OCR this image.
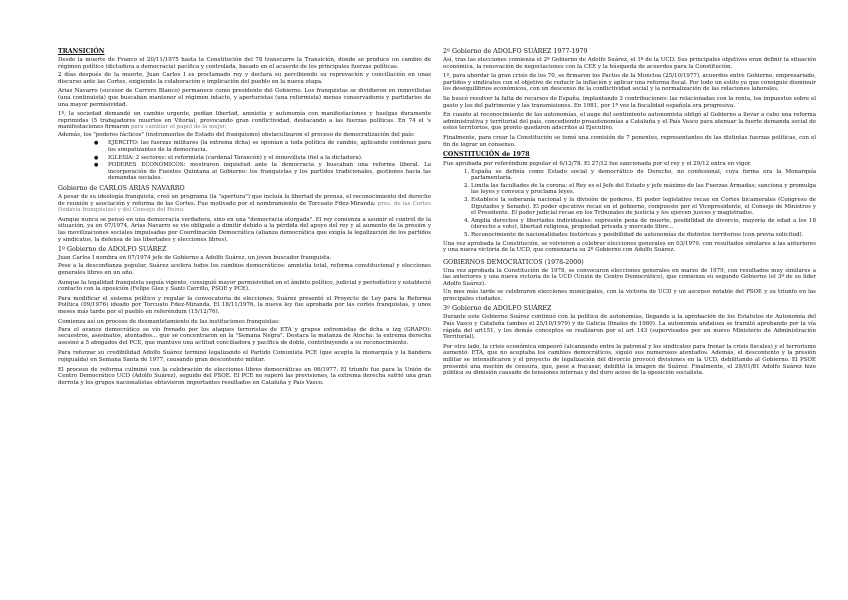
TRANSICIÓN

Desde la muerte de Franco el 20/11/1975 hasta la Constitución del 78 transcurre la Transición, donde se produce un cambio de régimen político (dictadura a democracia) pacífica y controlada, basado en el acuerdo de los principales fuerzas políticas.

2 días después de la muerte, Juan Carlos I es proclamado rey y declara su percibiendo su reprevación y conciliación en unas discurso ante las Cortes, exigiendo la colaboración e implicación del pueblo en la nueva etapa.

Arias Navarro (sucesor de Carrero Blanco) permanece como presidente del Gobierno. Los franquistas se dividieron en inmovilistas (una continuista) que buscaban mantener el régimen intacto, y aperturistas (una reformista) menos conservadores y partidarios de una mayor permisividad.

1º, la sociedad demandó un cambio urgente, pedían libertad, amnistía y autonomía con manifestaciones y huelgas duramente reprimidas (5 trabajadores muertos en Vitoria), provocando gran conflictividad, destacando a las fuerzas políticas. En 74 el 's manifestaciones firmaron para cambiar el papel de la mujer.

Además, los "poderes fácticos" (instrumentos de Estado del franquismo) obstaculizaron el proceso de democratización del país:

● EJÉRCITO: las fuerzas militares (la extrema dcha) se oponían a toda política de cambio, aplicando condenas para los simpatizantes de la democracia.
● IGLESIA: 2 sectores: el reformista (cardenal Tarancón) y el inmovilista (fiel a la dictadura).
● PODERES ECONÓMICOS: mostraron inquietud ante la democracia y buscaban una reforma liberal. La incorporación de Fuentes Quintana al Gobierno: los franquistas y los partidos tradicionales, gestiones hacia las demandas sociales.
Gobierno de CARLOS ARIAS NAVARRO

A pesar de su ideología franquista, creó un programa (la "apertura") que incluía la libertad de prensa, el reconocimiento del derecho de reunión y asociación y reforma de las Cortes. Fue motivado por el nombramiento de Torcuato Fdez-Miranda: pres. de las Cortes (todavía franquistas) y del Consejo del Reino.

Aunque nunca se pensó en una democracia verdadera, sino en una "democracia otorgada". El rey comienza a asumir el control de la situación, ya en 07/1974, Arias Navarro se vio obligado a dimitir debido a la pérdida del apoyo del rey y al aumento de la presión y las movilizaciones sociales impulsadas por Coordinación Democrática (alianza democrática que exigía la legalización de los partidos y sindicatos, la defensa de las libertades y elecciones libres).

1º Gobierno de ADOLFO SUÁREZ

Juan Carlos I nombra en 07/1974 jefe de Gobierno a Adolfo Suárez, un joven buscador franquista.

Pese a la desconfianza popular, Suárez acelera todos los cambios democráticos: amnistía total, reforma constitucional y elecciones generales libres en un año.

Aunque la legalidad franquista seguía vigente, consiguió mayor permisividad en el ámbito político, judicial y periodístico y estableció contacto con la oposición (Felipe Glez y Santi Carrillo, PSOE y PCE).

Para modificar el sistema político y regular la convocatoria de elecciones, Suárez presentó el Proyecto de Ley para la Reforma Política (09/1976) ideado por Torcuato Fdez-Miranda. El 18/11/1976, la nueva ley fue aprobada por las cortes franquistas, y unos meses más tarde por el pueblo en referéndum (15/12/76).

Comienza así un proceso de desmantelamiento de las instituciones franquistas:

Para el avance democrático se vio frenado por los ataques terroristas de ETA y grupos extremistas de dcha e izq (GRAPO): secuestros, asesinatos, atentados... que se concentraron en la "Semana Negra". Destaca la matanza de Atocha: la extrema derecha asesinó a 5 abogados del PCE, que mantuvo una actitud conciliadora y pacífica de doble, contribuyendo a su reconocimiento.

Para reforzar su credibilidad Adolfo Suárez terminó legalizando el Partido Comunista PCE (que acepta la monarquía y la bandera rojigualda) en Semana Santa de 1977, causando gran descontento militar.

El proceso de reforma culminó con la celebración de elecciones libres democráticas en 06/1977. El triunfo fue para la Unión de Centro Democrático UCD (Adolfo Suárez), seguido del PSOE. El PCE no superó las previsiones, la extrema derecha sufrió una gran derrota y los grupos nacionalistas obtuvieron importantes resultados en Cataluña y País Vasco.

2º Gobierno de ADOLFO SUÁREZ 1977-1979

Así, tras las elecciones comienza el 2º Gobierno de Adolfo Suárez, el 1º de la UCD. Sus principales objetivos eran definir la situación económica, la renovación de negociaciones con la CEE y la búsqueda de acuerdos para la Constitución.

1º, para abordar la gran crisis de los 70, se firmaron los Pactos de la Moncloa (25/10/1977), acuerdos entre Gobierno, empresariado, partidos y sindicatos con el objetivo de reducir la inflación y aplicar una reforma fiscal. Por todo un estilo ya que consiguió disminuir los desequilibrios económicos, con un descenso de la conflictividad social y la normalización de las relaciones laborales.

Se buscó resolver la falta de recursos de España, implantando 3 contribuciones: las relacionadas con la renta, los impuestos sobre el gasto y los del patrimonio y las transmisiones. En 1981, por 1ª vez la fiscalidad española era progresiva.

En cuanto al reconocimiento de las autonomías, el auge del sentimiento autonomista obligó al Gobierno a llevar a cabo una reforma administrativa y territorial del país, concediendo preautonomías a Cataluña y el País Vasco para atenuar la fuerte demanda social de estos territorios, que pronto quedaron adscritos al Ejecutivo.

Finalmente, para crear la Constitución se tomó una comisión de 7 ponentes, representantes de las distintas fuerzas políticas, con el fin de lograr un consenso.

CONSTITUCIÓN de 1978

Fue aprobada por referéndum popular el 6/12/78. El 27/12 fue sancionada por el rey y el 29/12 entra en vigor.

1. España se definía como Estado social y democrático de Derecho, no confesional, cuya forma era la Monarquía parlamentaria.
2. Limita las facultades de la corona: el Rey es el Jefe del Estado y jefe máximo de las Fuerzas Armadas; sanciona y promulga las leyes y convoca y proclama leyes.
3. Establece la soberanía nacional y la división de poderes. El poder legislativo recae en Cortes bicamerales (Congreso de Diputados y Senado). El poder ejecutivo recae en el gobierno, compuesto por el Vicepresidente, el Consejo de Ministros y el Presidente. El poder judicial recae en los Tribunales de justicia y los ejercen jueces y magistrados.
4. Amplia derechos y libertades individuales: supresión pena de muerte, posibilidad de divorcio, mayoría de edad a los 18 (derecho a voto), libertad religiosa, propiedad privada y mercado libre...
5. Reconocimiento de nacionalidades históricas y posibilidad de autonomías de distintos territorios (con previa solicitud).

Una vez aprobada la Constitución, se volvieron a celebrar elecciones generales en 03/1979, con resultados similares a las anteriores y una nueva victoria de la UCD, que comenzaría su 2º Gobierno con Adolfo Suárez.

GOBIERNOS DEMOCRÁTICOS (1978-2000)

Una vez aprobada la Constitución de 1978, se convocaron elecciones generales en marzo de 1979, con resultados muy similares a las anteriores y una nueva victoria de la UCD (Unión de Centro Democrático), que comienza su segundo Gobierno (el 3º de su líder Adolfo Suárez).

Un mes más tarde se celebraron elecciones municipales, con la victoria de UCD y un ascenso notable del PSOE y su triunfo en las principales ciudades.

3º Gobierno de ADOLFO SUÁREZ

Durante este Gobierno Suárez continuó con la política de autonomías, llegando a la aprobación de los Estatutos de Autonomía del País Vasco y Cataluña (ambos el 25/10/1979) y de Galicia (finales de 1980). La autonomía andaluza se tramitó aprobando por la vía rápida del art151, y los demás conceptos se realizaron por el art 143 (supervisados por un nuevo Ministerio de Administración Territorial).

Por otro lado, la crisis económica empeoró (alcanzando entre la patronal y los sindicatos para frenar la crisis fiscales) y el terrorismo aumentó. ETA, que no aceptaba los cambios democráticos, siguió sus numerosos atentados. Además, el descontento y la presión militar se intensificaron y el proyecto de legalización del divorcio provocó divisiones en la UCD, debilitando al Gobierno. El PSOE presentó una moción de censura, que, pese a fracasar, debilitó la imagen de Suárez. Finalmente, el 29/01/81 Adolfo Suárez hizo pública su dimisión causado de tensiones internas y del duro acoso de la oposición socialista.
